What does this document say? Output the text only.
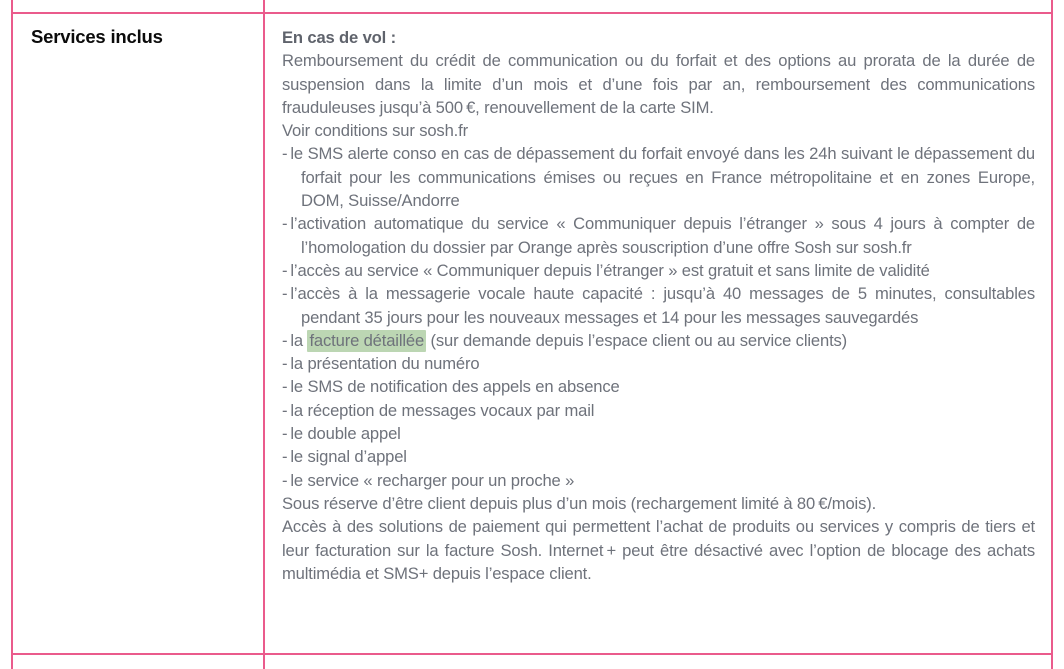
Services inclus	En cas de vol :
Remboursement du crédit de communication ou du forfait et des options au prorata de la durée de suspension dans la limite d’un mois et d’une fois par an, remboursement des communications frauduleuses jusqu’à 500 €, renouvellement de la carte SIM.
Voir conditions sur sosh.fr
- le SMS alerte conso en cas de dépassement du forfait envoyé dans les 24h suivant le dépassement du forfait pour les communications émises ou reçues en France métropolitaine et en zones Europe, DOM, Suisse/Andorre
- l’activation automatique du service « Communiquer depuis l’étranger » sous 4 jours à compter de l’homologation du dossier par Orange après souscription d’une offre Sosh sur sosh.fr
- l’accès au service « Communiquer depuis l’étranger » est gratuit et sans limite de validité
- l’accès à la messagerie vocale haute capacité : jusqu’à 40 messages de 5 minutes, consultables pendant 35 jours pour les nouveaux messages et 14 pour les messages sauvegardés
- la facture détaillée (sur demande depuis l’espace client ou au service clients)
- la présentation du numéro
- le SMS de notification des appels en absence
- la réception de messages vocaux par mail
- le double appel
- le signal d’appel
- le service « recharger pour un proche »
Sous réserve d’être client depuis plus d’un mois (rechargement limité à 80 €/mois).
Accès à des solutions de paiement qui permettent l’achat de produits ou services y compris de tiers et leur facturation sur la facture Sosh. Internet + peut être désactivé avec l’option de blocage des achats multimédia et SMS+ depuis l’espace client.
